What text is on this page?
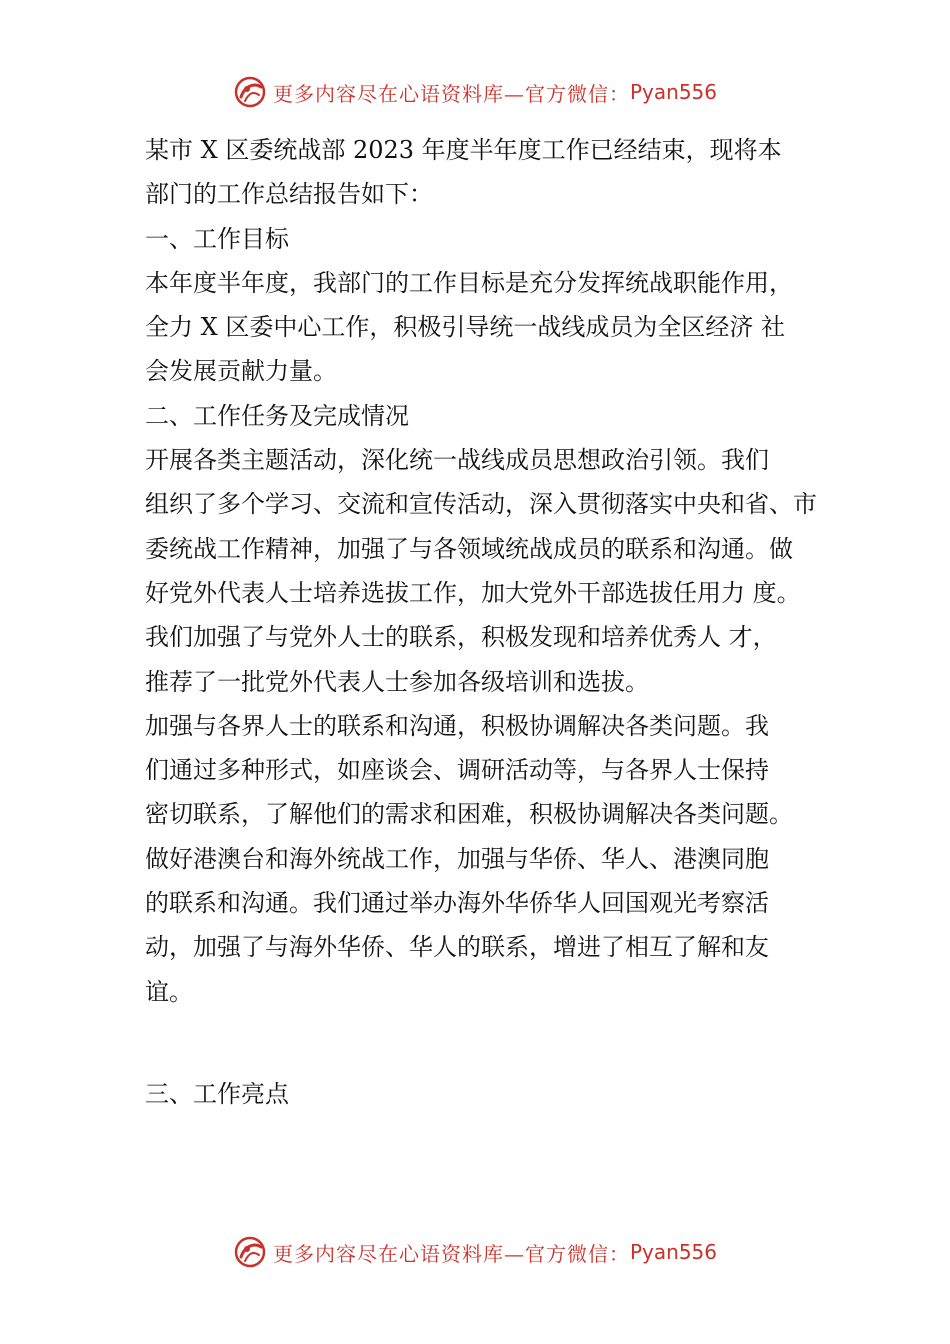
更多内容尽在心语资料库—官方微信： Pyan556
某市 X 区委统战部 2023 年度半年度工作已经结束，现将本
部门的工作总结报告如下：
一、工作目标
本年度半年度，我部门的工作目标是充分发挥统战职能作用，
全力 X 区委中心工作，积极引导统一战线成员为全区经济 社
会发展贡献力量。
二、工作任务及完成情况
开展各类主题活动，深化统一战线成员思想政治引领。我们
组织了多个学习、交流和宣传活动，深入贯彻落实中央和省、市
委统战工作精神，加强了与各领域统战成员的联系和沟通。做
好党外代表人士培养选拔工作，加大党外干部选拔任用力 度。
我们加强了与党外人士的联系，积极发现和培养优秀人 才，
推荐了一批党外代表人士参加各级培训和选拔。
加强与各界人士的联系和沟通，积极协调解决各类问题。我
们通过多种形式，如座谈会、调研活动等，与各界人士保持
密切联系，了解他们的需求和困难，积极协调解决各类问题。
做好港澳台和海外统战工作，加强与华侨、华人、港澳同胞
的联系和沟通。我们通过举办海外华侨华人回国观光考察活
动，加强了与海外华侨、华人的联系，增进了相互了解和友
谊。
三、工作亮点
更多内容尽在心语资料库—官方微信： Pyan556
